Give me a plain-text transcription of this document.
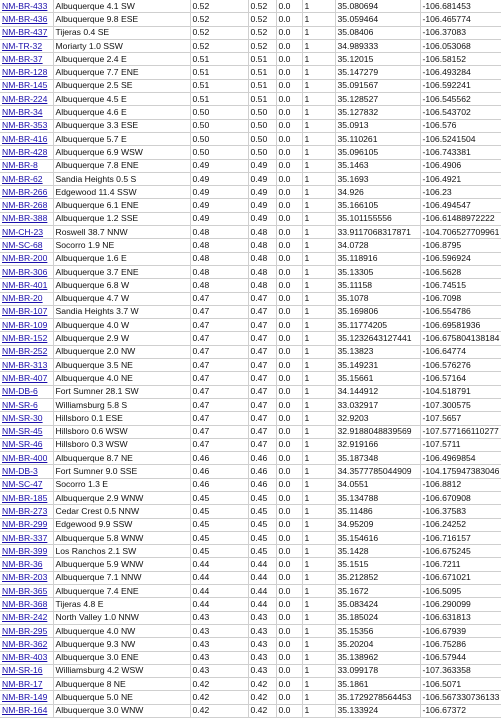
NM-BR-433	Albuquerque 4.1 SW	0.52	0.52	0.0	1	35.080694	-106.681453
NM-BR-436	Albuquerque 9.8 ESE	0.52	0.52	0.0	1	35.059464	-106.465774
NM-BR-437	Tijeras 0.4 SE	0.52	0.52	0.0	1	35.08406	-106.37083
NM-TR-32	Moriarty 1.0 SSW	0.52	0.52	0.0	1	34.989333	-106.053068
NM-BR-37	Albuquerque 2.4 E	0.51	0.51	0.0	1	35.12015	-106.58152
NM-BR-128	Albuquerque 7.7 ENE	0.51	0.51	0.0	1	35.147279	-106.493284
NM-BR-145	Albuquerque 2.5 SE	0.51	0.51	0.0	1	35.091567	-106.592241
NM-BR-224	Albuquerque 4.5 E	0.51	0.51	0.0	1	35.128527	-106.545562
NM-BR-34	Albuquerque 4.6 E	0.50	0.50	0.0	1	35.127832	-106.543702
NM-BR-353	Albuquerque 3.3 ESE	0.50	0.50	0.0	1	35.0913	-106.576
NM-BR-416	Albuquerque 5.7 E	0.50	0.50	0.0	1	35.110261	-106.5241504
NM-BR-428	Albuquerque 6.9 WSW	0.50	0.50	0.0	1	35.096105	-106.743381
NM-BR-8	Albuquerque 7.8 ENE	0.49	0.49	0.0	1	35.1463	-106.4906
NM-BR-62	Sandia Heights 0.5 S	0.49	0.49	0.0	1	35.1693	-106.4921
NM-BR-266	Edgewood 11.4 SSW	0.49	0.49	0.0	1	34.926	-106.23
NM-BR-268	Albuquerque 6.1 ENE	0.49	0.49	0.0	1	35.166105	-106.494547
NM-BR-388	Albuquerque 1.2 SSE	0.49	0.49	0.0	1	35.101155556	-106.61488972222
NM-CH-23	Roswell 38.7 NNW	0.48	0.48	0.0	1	33.9117068317871	-104.706527709961
NM-SC-68	Socorro 1.9 NE	0.48	0.48	0.0	1	34.0728	-106.8795
NM-BR-200	Albuquerque 1.6 E	0.48	0.48	0.0	1	35.118916	-106.596924
NM-BR-306	Albuquerque 3.7 ENE	0.48	0.48	0.0	1	35.13305	-106.5628
NM-BR-401	Albuquerque 6.8 W	0.48	0.48	0.0	1	35.11158	-106.74515
NM-BR-20	Albuquerque 4.7 W	0.47	0.47	0.0	1	35.1078	-106.7098
NM-BR-107	Sandia Heights 3.7 W	0.47	0.47	0.0	1	35.169806	-106.554786
NM-BR-109	Albuquerque 4.0 W	0.47	0.47	0.0	1	35.11774205	-106.69581936
NM-BR-152	Albuquerque 2.9 W	0.47	0.47	0.0	1	35.1232643127441	-106.675804138184
NM-BR-252	Albuquerque 2.0 NW	0.47	0.47	0.0	1	35.13823	-106.64774
NM-BR-313	Albuquerque 3.5 NE	0.47	0.47	0.0	1	35.149231	-106.576276
NM-BR-407	Albuquerque 4.0 NE	0.47	0.47	0.0	1	35.15661	-106.57164
NM-DB-6	Fort Sumner 28.1 SW	0.47	0.47	0.0	1	34.144912	-104.518791
NM-SR-6	Williamsburg 5.8 S	0.47	0.47	0.0	1	33.032917	-107.300575
NM-SR-30	Hillsboro 0.1 ESE	0.47	0.47	0.0	1	32.9203	-107.5657
NM-SR-45	Hillsboro 0.6 WSW	0.47	0.47	0.0	1	32.9188048839569	-107.577166110277
NM-SR-46	Hillsboro 0.3 WSW	0.47	0.47	0.0	1	32.919166	-107.5711
NM-BR-400	Albuquerque 8.7 NE	0.46	0.46	0.0	1	35.187348	-106.4969854
NM-DB-3	Fort Sumner 9.0 SSE	0.46	0.46	0.0	1	34.3577785044909	-104.175947383046
NM-SC-47	Socorro 1.3 E	0.46	0.46	0.0	1	34.0551	-106.8812
NM-BR-185	Albuquerque 2.9 WNW	0.45	0.45	0.0	1	35.134788	-106.670908
NM-BR-273	Cedar Crest 0.5 NNW	0.45	0.45	0.0	1	35.11486	-106.37583
NM-BR-299	Edgewood 9.9 SSW	0.45	0.45	0.0	1	34.95209	-106.24252
NM-BR-337	Albuquerque 5.8 WNW	0.45	0.45	0.0	1	35.154616	-106.716157
NM-BR-399	Los Ranchos 2.1 SW	0.45	0.45	0.0	1	35.1428	-106.675245
NM-BR-36	Albuquerque 5.9 WNW	0.44	0.44	0.0	1	35.1515	-106.7211
NM-BR-203	Albuquerque 7.1 NNW	0.44	0.44	0.0	1	35.212852	-106.671021
NM-BR-365	Albuquerque 7.4 ENE	0.44	0.44	0.0	1	35.1672	-106.5095
NM-BR-368	Tijeras 4.8 E	0.44	0.44	0.0	1	35.083424	-106.290099
NM-BR-242	North Valley 1.0 NNW	0.43	0.43	0.0	1	35.185024	-106.631813
NM-BR-295	Albuquerque 4.0 NW	0.43	0.43	0.0	1	35.15356	-106.67939
NM-BR-362	Albuquerque 9.3 NW	0.43	0.43	0.0	1	35.20204	-106.75286
NM-BR-403	Albuquerque 3.0 ENE	0.43	0.43	0.0	1	35.138962	-106.57944
NM-SR-16	Williamsburg 4.2 WSW	0.43	0.43	0.0	1	33.099178	-107.363358
NM-BR-17	Albuquerque 8 NE	0.42	0.42	0.0	1	35.1861	-106.5071
NM-BR-149	Albuquerque 5.0 NE	0.42	0.42	0.0	1	35.1729278564453	-106.567330736133
NM-BR-164	Albuquerque 3.0 WNW	0.42	0.42	0.0	1	35.133924	-106.67372
